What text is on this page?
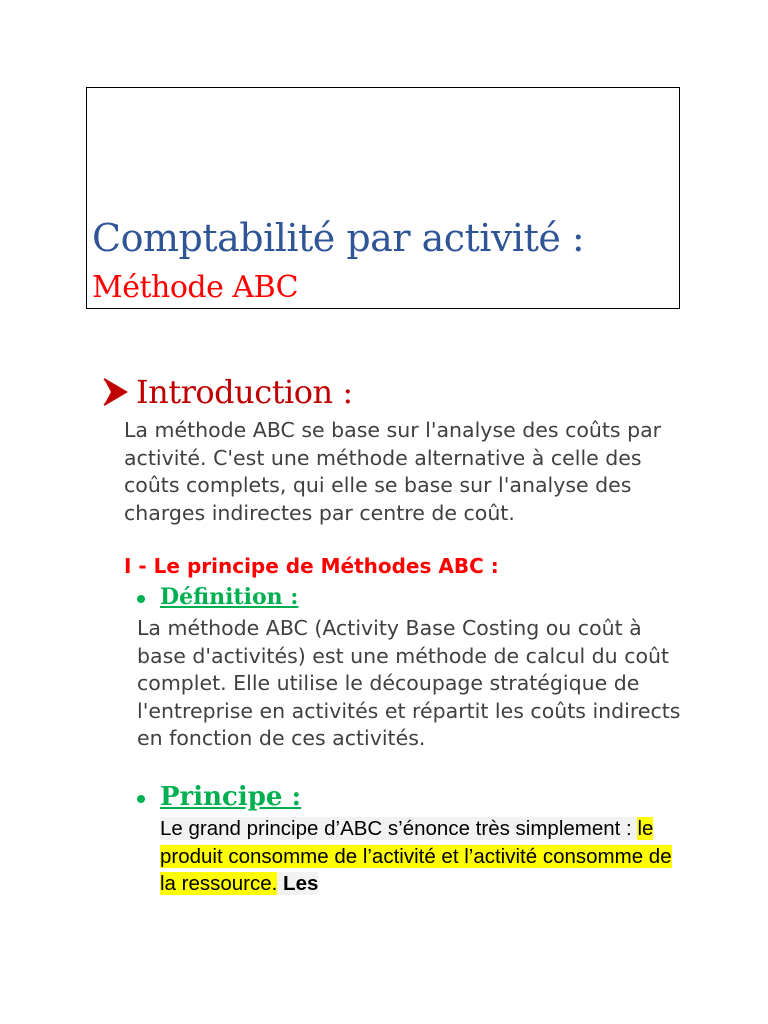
Comptabilité par activité :
Méthode ABC
Introduction :
La méthode ABC se base sur l'analyse des coûts par activité. C'est une méthode alternative à celle des coûts complets, qui elle se base sur l'analyse des charges indirectes par centre de coût.
I - Le principe de Méthodes ABC :
Définition :
La méthode ABC (Activity Base Costing ou coût à base d'activités) est une méthode de calcul du coût complet. Elle utilise le découpage stratégique de l'entreprise en activités et répartit les coûts indirects en fonction de ces activités.
Principe :
Le grand principe d’ABC s’énonce très simplement : le produit consomme de l’activité et l’activité consomme de la ressource. Les
